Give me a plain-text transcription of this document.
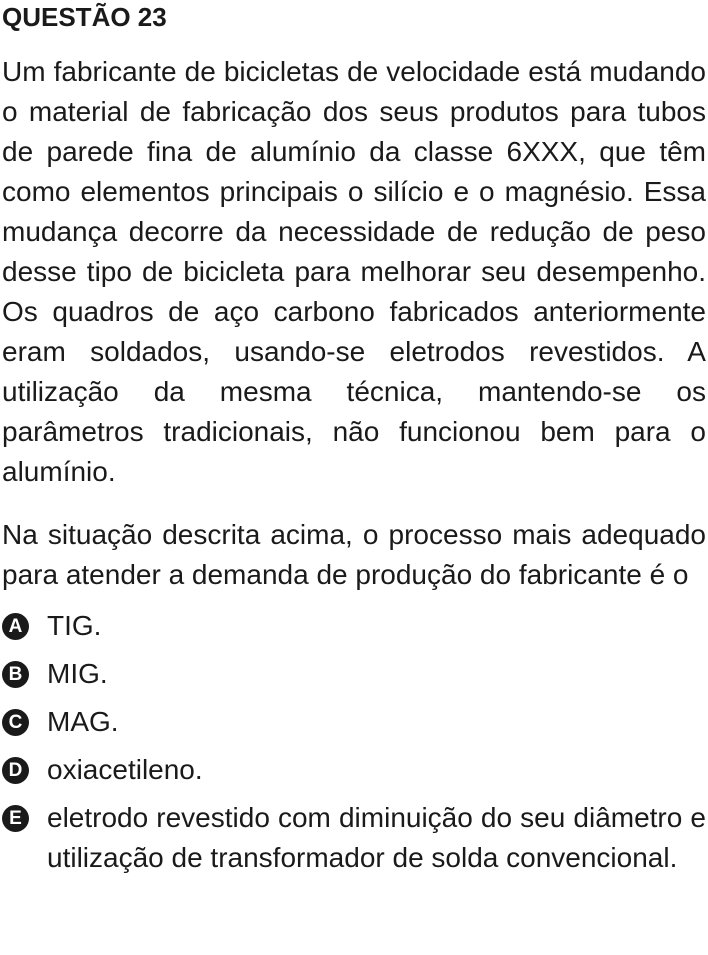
QUESTÃO 23

Um fabricante de bicicletas de velocidade está mudando o material de fabricação dos seus produtos para tubos de parede fina de alumínio da classe 6XXX, que têm como elementos principais o silício e o magnésio. Essa mudança decorre da necessidade de redução de peso desse tipo de bicicleta para melhorar seu desempenho. Os quadros de aço carbono fabricados anteriormente eram soldados, usando-se eletrodos revestidos. A utilização da mesma técnica, mantendo-se os parâmetros tradicionais, não funcionou bem para o alumínio.

Na situação descrita acima, o processo mais adequado para atender a demanda de produção do fabricante é o

A TIG.
B MIG.
C MAG.
D oxiacetileno.
E eletrodo revestido com diminuição do seu diâmetro e utilização de transformador de solda convencional.
